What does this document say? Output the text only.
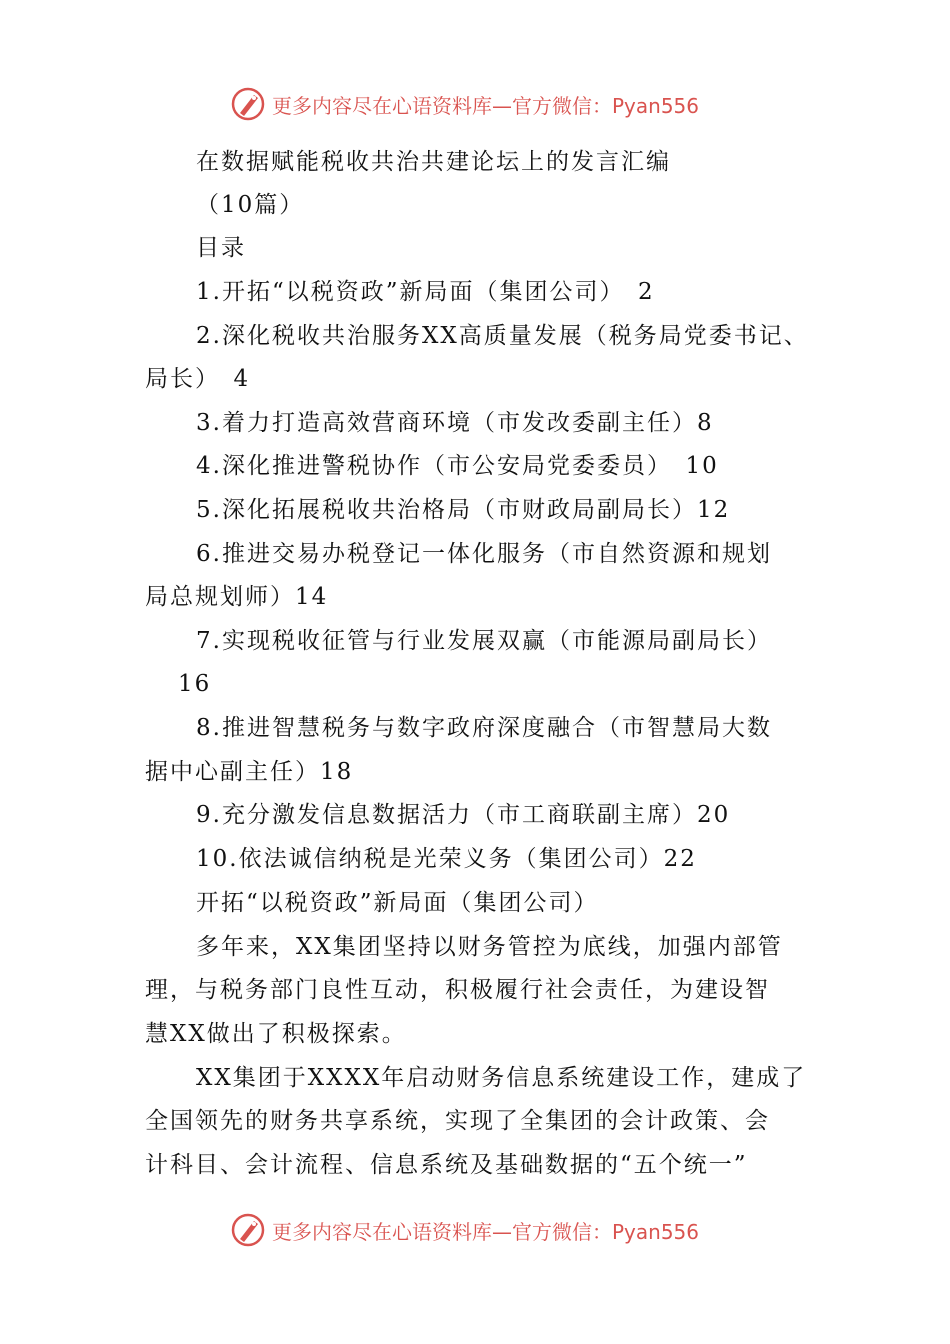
更多内容尽在心语资料库—官方微信：Pyan556
在数据赋能税收共治共建论坛上的发言汇编
（10篇）
目录
1.开拓“以税资政”新局面（集团公司）　2
2.深化税收共治服务XX高质量发展（税务局党委书记、
局长）　4
3.着力打造高效营商环境（市发改委副主任）8
4.深化推进警税协作（市公安局党委委员）　10
5.深化拓展税收共治格局（市财政局副局长）12
6.推进交易办税登记一体化服务（市自然资源和规划
局总规划师）14
7.实现税收征管与行业发展双赢（市能源局副局长）
16
8.推进智慧税务与数字政府深度融合（市智慧局大数
据中心副主任）18
9.充分激发信息数据活力（市工商联副主席）20
10.依法诚信纳税是光荣义务（集团公司）22
开拓“以税资政”新局面（集团公司）
多年来，XX集团坚持以财务管控为底线，加强内部管
理，与税务部门良性互动，积极履行社会责任，为建设智
慧XX做出了积极探索。
XX集团于XXXX年启动财务信息系统建设工作，建成了
全国领先的财务共享系统，实现了全集团的会计政策、会
计科目、会计流程、信息系统及基础数据的“五个统一”
更多内容尽在心语资料库—官方微信：Pyan556
